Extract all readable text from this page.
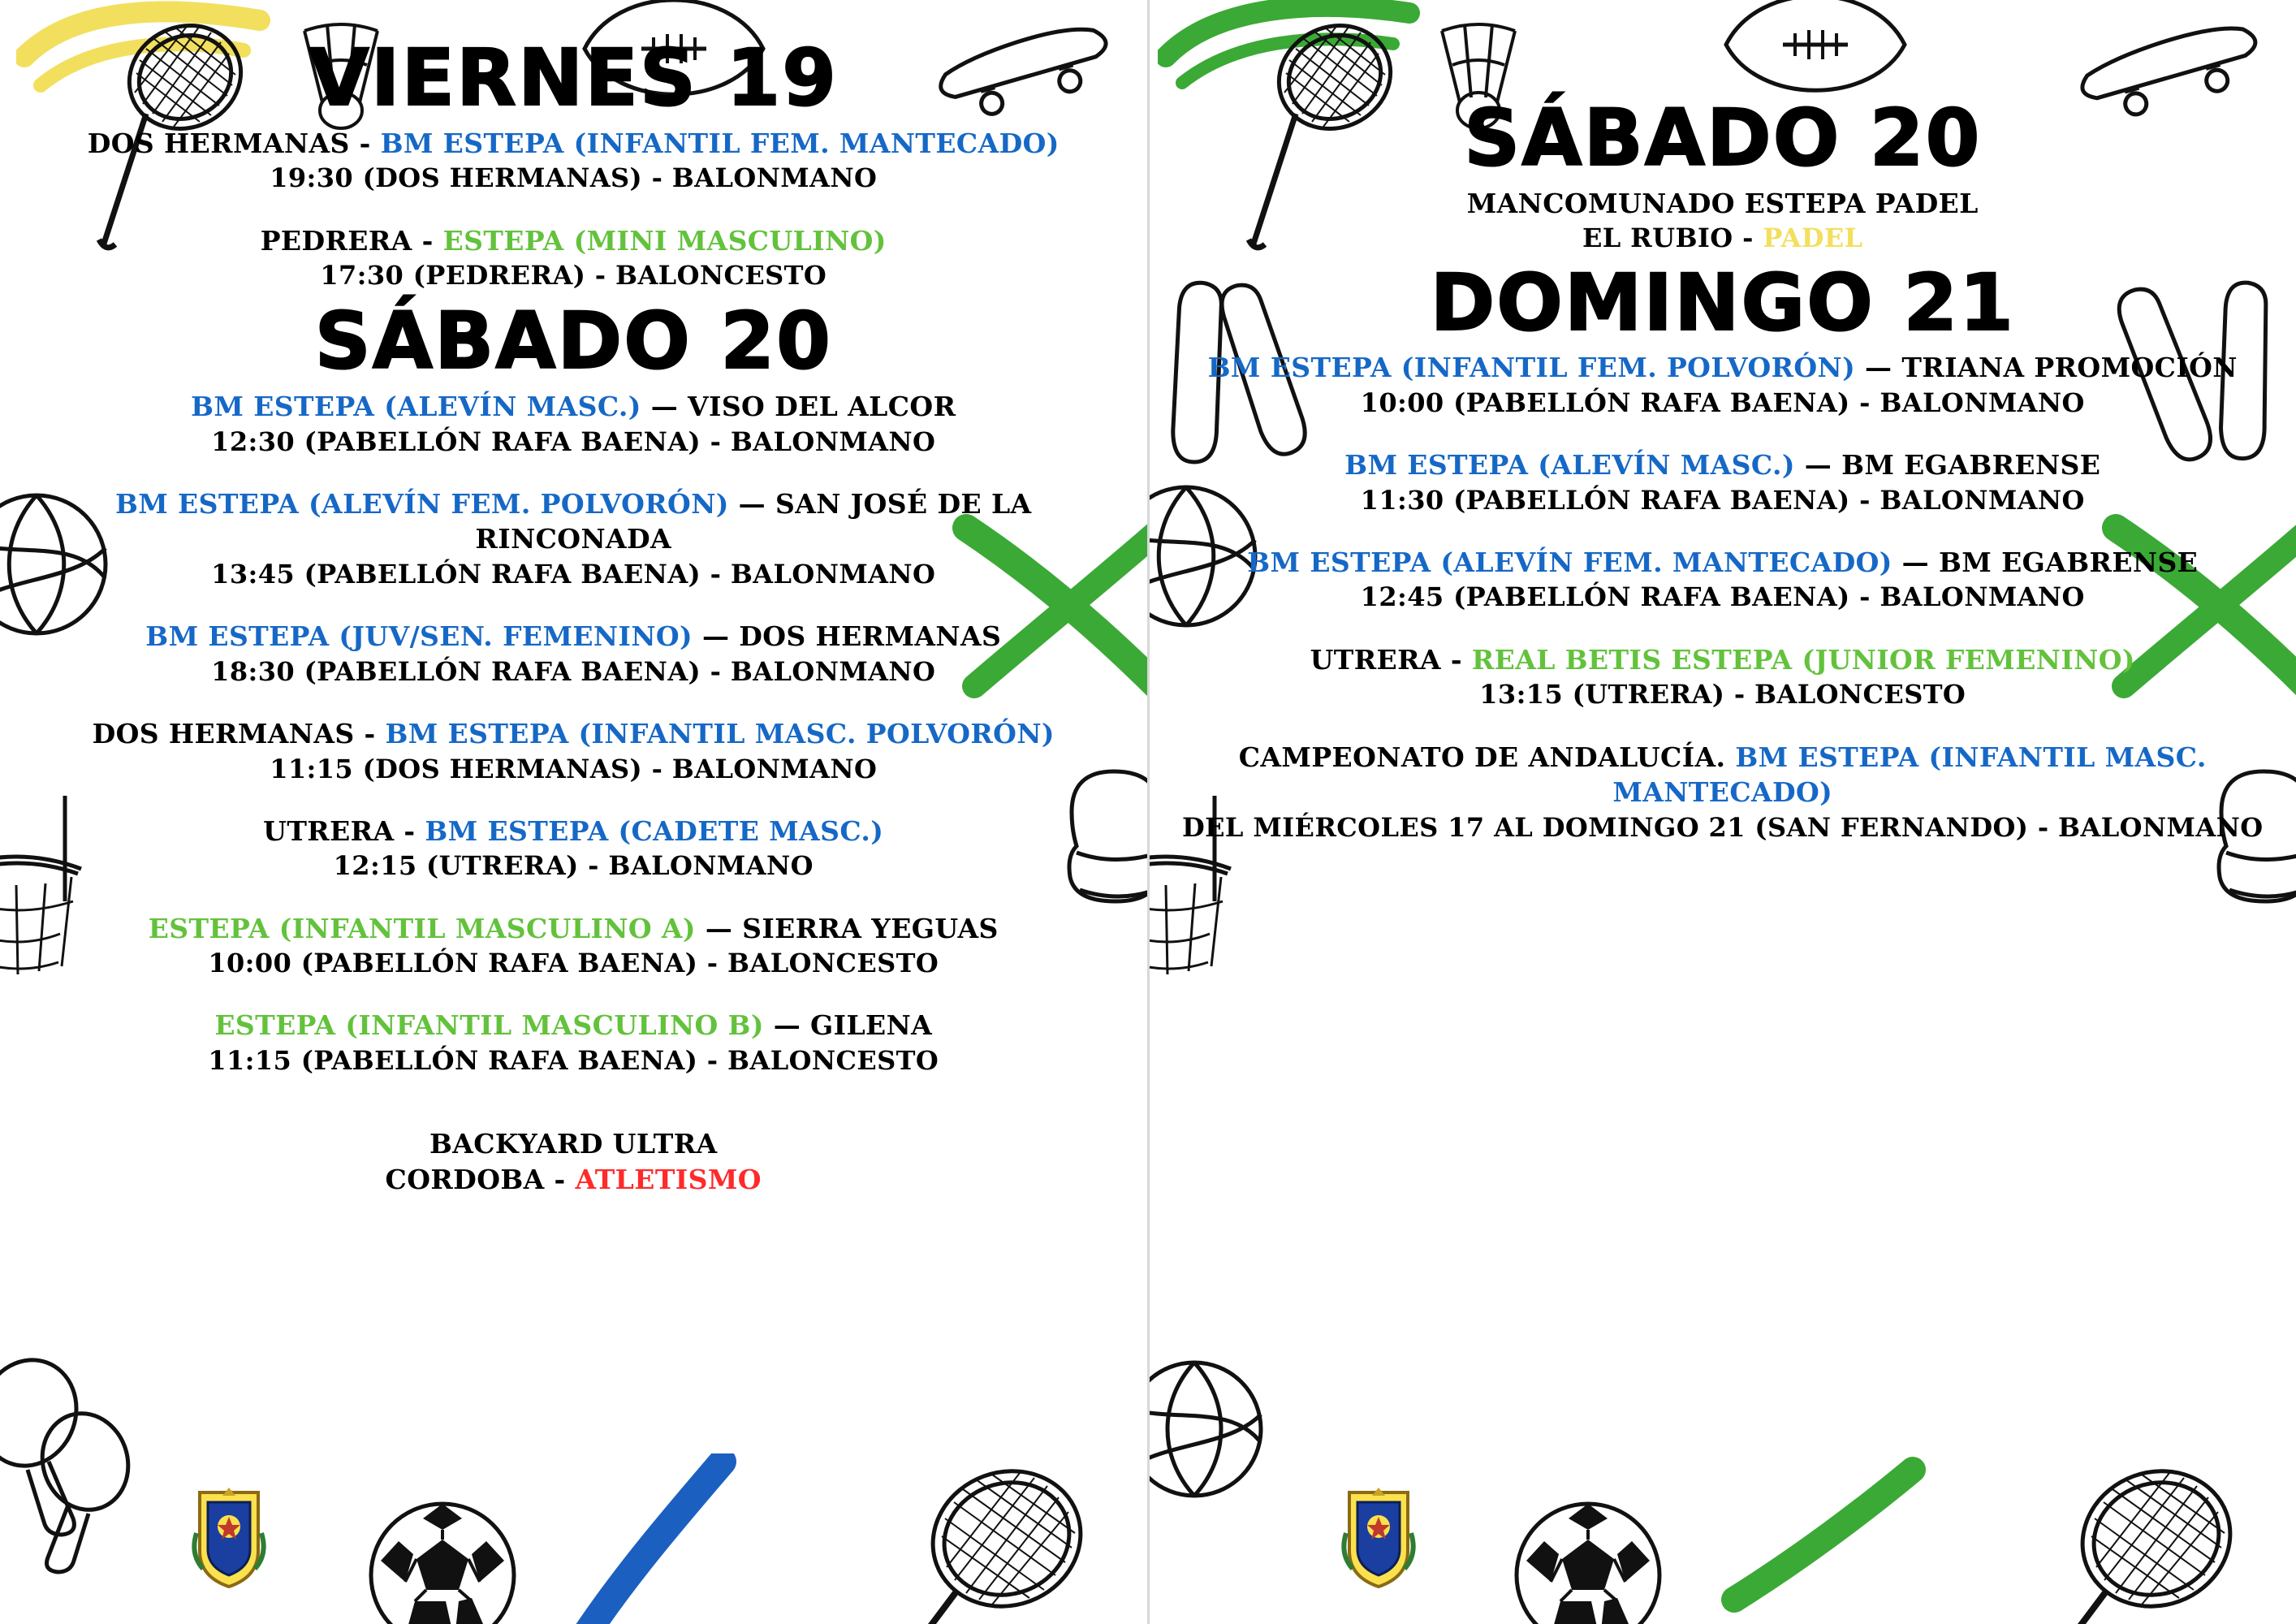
VIERNES 19
DOS HERMANAS - BM ESTEPA (INFANTIL FEM. MANTECADO)
19:30 (DOS HERMANAS) - BALONMANO
PEDRERA - ESTEPA (MINI MASCULINO)
17:30 (PEDRERA) - BALONCESTO
SÁBADO 20
BM ESTEPA (ALEVÍN MASC.) — VISO DEL ALCOR
12:30 (PABELLÓN RAFA BAENA) - BALONMANO
BM ESTEPA (ALEVÍN FEM. POLVORÓN) — SAN JOSÉ DE LA RINCONADA
13:45 (PABELLÓN RAFA BAENA) - BALONMANO
BM ESTEPA (JUV/SEN. FEMENINO) — DOS HERMANAS
18:30 (PABELLÓN RAFA BAENA) - BALONMANO
DOS HERMANAS - BM ESTEPA (INFANTIL MASC. POLVORÓN)
11:15 (DOS HERMANAS) - BALONMANO
UTRERA - BM ESTEPA (CADETE MASC.)
12:15 (UTRERA) - BALONMANO
ESTEPA (INFANTIL MASCULINO A) — SIERRA YEGUAS
10:00 (PABELLÓN RAFA BAENA) - BALONCESTO
ESTEPA (INFANTIL MASCULINO B) — GILENA
11:15 (PABELLÓN RAFA BAENA) - BALONCESTO
BACKYARD ULTRA
CORDOBA - ATLETISMO
SÁBADO 20
MANCOMUNADO ESTEPA PADEL
EL RUBIO - PADEL
DOMINGO 21
BM ESTEPA (INFANTIL FEM. POLVORÓN) — TRIANA PROMOCIÓN
10:00 (PABELLÓN RAFA BAENA) - BALONMANO
BM ESTEPA (ALEVÍN MASC.) — BM EGABRENSE
11:30 (PABELLÓN RAFA BAENA) - BALONMANO
BM ESTEPA (ALEVÍN FEM. MANTECADO) — BM EGABRENSE
12:45 (PABELLÓN RAFA BAENA) - BALONMANO
UTRERA - REAL BETIS ESTEPA (JUNIOR FEMENINO)
13:15 (UTRERA) - BALONCESTO
CAMPEONATO DE ANDALUCÍA. BM ESTEPA (INFANTIL MASC. MANTECADO)
DEL MIÉRCOLES 17 AL DOMINGO 21 (SAN FERNANDO) - BALONMANO
